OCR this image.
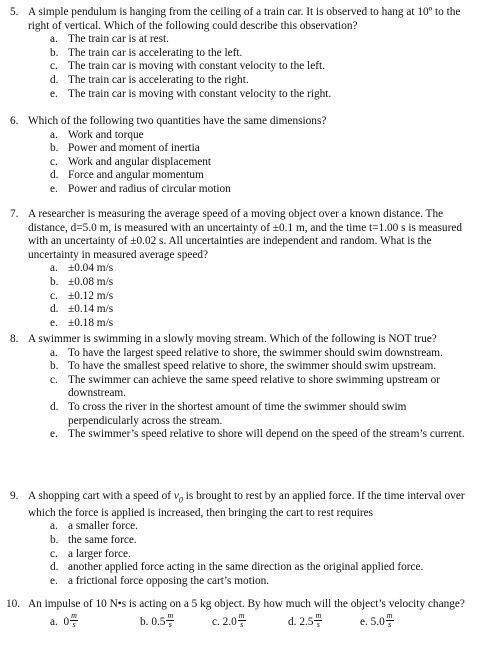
5. A simple pendulum is hanging from the ceiling of a train car. It is observed to hang at 10º to the right of vertical. Which of the following could describe this observation?
a. The train car is at rest.
b. The train car is accelerating to the left.
c. The train car is moving with constant velocity to the left.
d. The train car is accelerating to the right.
e. The train car is moving with constant velocity to the right.
6. Which of the following two quantities have the same dimensions?
a. Work and torque
b. Power and moment of inertia
c. Work and angular displacement
d. Force and angular momentum
e. Power and radius of circular motion
7. A researcher is measuring the average speed of a moving object over a known distance. The distance, d=5.0 m, is measured with an uncertainty of ±0.1 m, and the time t=1.00 s is measured with an uncertainty of ±0.02 s. All uncertainties are independent and random. What is the uncertainty in measured average speed?
a. ±0.04 m/s
b. ±0.08 m/s
c. ±0.12 m/s
d. ±0.14 m/s
e. ±0.18 m/s
8. A swimmer is swimming in a slowly moving stream. Which of the following is NOT true?
a. To have the largest speed relative to shore, the swimmer should swim downstream.
b. To have the smallest speed relative to shore, the swimmer should swim upstream.
c. The swimmer can achieve the same speed relative to shore swimming upstream or downstream.
d. To cross the river in the shortest amount of time the swimmer should swim perpendicularly across the stream.
e. The swimmer’s speed relative to shore will depend on the speed of the stream’s current.
9. A shopping cart with a speed of $v_0$ is brought to rest by an applied force. If the time interval over which the force is applied is increased, then bringing the cart to rest requires
a. a smaller force.
b. the same force.
c. a larger force.
d. another applied force acting in the same direction as the original applied force.
e. a frictional force opposing the cart’s motion.
10. An impulse of 10 N•s is acting on a 5 kg object. By how much will the object’s velocity change?
a. $0 \frac{m}{s}$	b. $0.5 \frac{m}{s}$	c. $2.0 \frac{m}{s}$	d. $2.5 \frac{m}{s}$	e. $5.0 \frac{m}{s}$
